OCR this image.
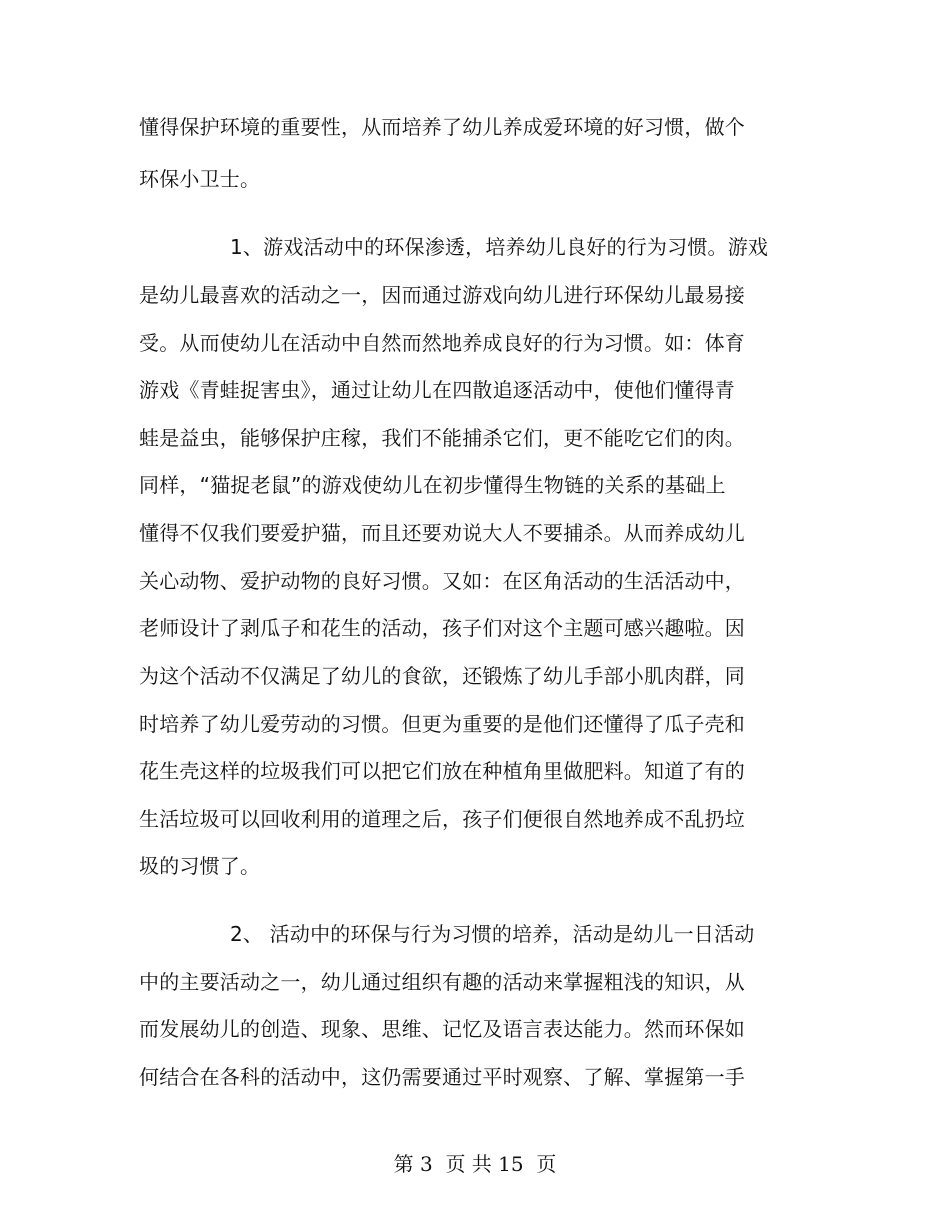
懂得保护环境的重要性，从而培养了幼儿养成爱环境的好习惯，做个
环保小卫士。
1、游戏活动中的环保渗透，培养幼儿良好的行为习惯。游戏
是幼儿最喜欢的活动之一，因而通过游戏向幼儿进行环保幼儿最易接
受。从而使幼儿在活动中自然而然地养成良好的行为习惯。如：体育
游戏《青蛙捉害虫》，通过让幼儿在四散追逐活动中，使他们懂得青
蛙是益虫，能够保护庄稼，我们不能捕杀它们，更不能吃它们的肉。
同样，“猫捉老鼠”的游戏使幼儿在初步懂得生物链的关系的基础上
懂得不仅我们要爱护猫，而且还要劝说大人不要捕杀。从而养成幼儿
关心动物、爱护动物的良好习惯。又如：在区角活动的生活活动中，
老师设计了剥瓜子和花生的活动，孩子们对这个主题可感兴趣啦。因
为这个活动不仅满足了幼儿的食欲，还锻炼了幼儿手部小肌肉群，同
时培养了幼儿爱劳动的习惯。但更为重要的是他们还懂得了瓜子壳和
花生壳这样的垃圾我们可以把它们放在种植角里做肥料。知道了有的
生活垃圾可以回收利用的道理之后，孩子们便很自然地养成不乱扔垃
圾的习惯了。
2、 活动中的环保与行为习惯的培养，活动是幼儿一日活动
中的主要活动之一，幼儿通过组织有趣的活动来掌握粗浅的知识，从
而发展幼儿的创造、现象、思维、记忆及语言表达能力。然而环保如
何结合在各科的活动中，这仍需要通过平时观察、了解、掌握第一手
第 3  页 共 15  页
